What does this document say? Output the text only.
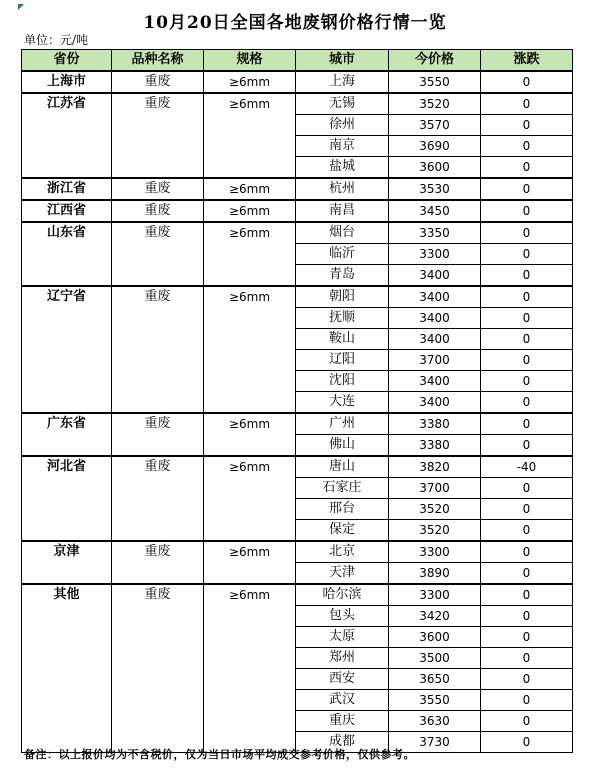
10月20日全国各地废钢价格行情一览
单位：元/吨
省份	品种名称	规格	城市	今价格	涨跌
上海市	重废	≥6mm	上海	3550	0
江苏省	重废	≥6mm	无锡	3520	0
			徐州	3570	0
			南京	3690	0
			盐城	3600	0
浙江省	重废	≥6mm	杭州	3530	0
江西省	重废	≥6mm	南昌	3450	0
山东省	重废	≥6mm	烟台	3350	0
			临沂	3300	0
			青岛	3400	0
辽宁省	重废	≥6mm	朝阳	3400	0
			抚顺	3400	0
			鞍山	3400	0
			辽阳	3700	0
			沈阳	3400	0
			大连	3400	0
广东省	重废	≥6mm	广州	3380	0
			佛山	3380	0
河北省	重废	≥6mm	唐山	3820	-40
			石家庄	3700	0
			邢台	3520	0
			保定	3520	0
京津	重废	≥6mm	北京	3300	0
			天津	3890	0
其他	重废	≥6mm	哈尔滨	3300	0
			包头	3420	0
			太原	3600	0
			郑州	3500	0
			西安	3650	0
			武汉	3550	0
			重庆	3630	0
			成都	3730	0
备注：以上报价均为不含税价，仅为当日市场平均成交参考价格，仅供参考。
